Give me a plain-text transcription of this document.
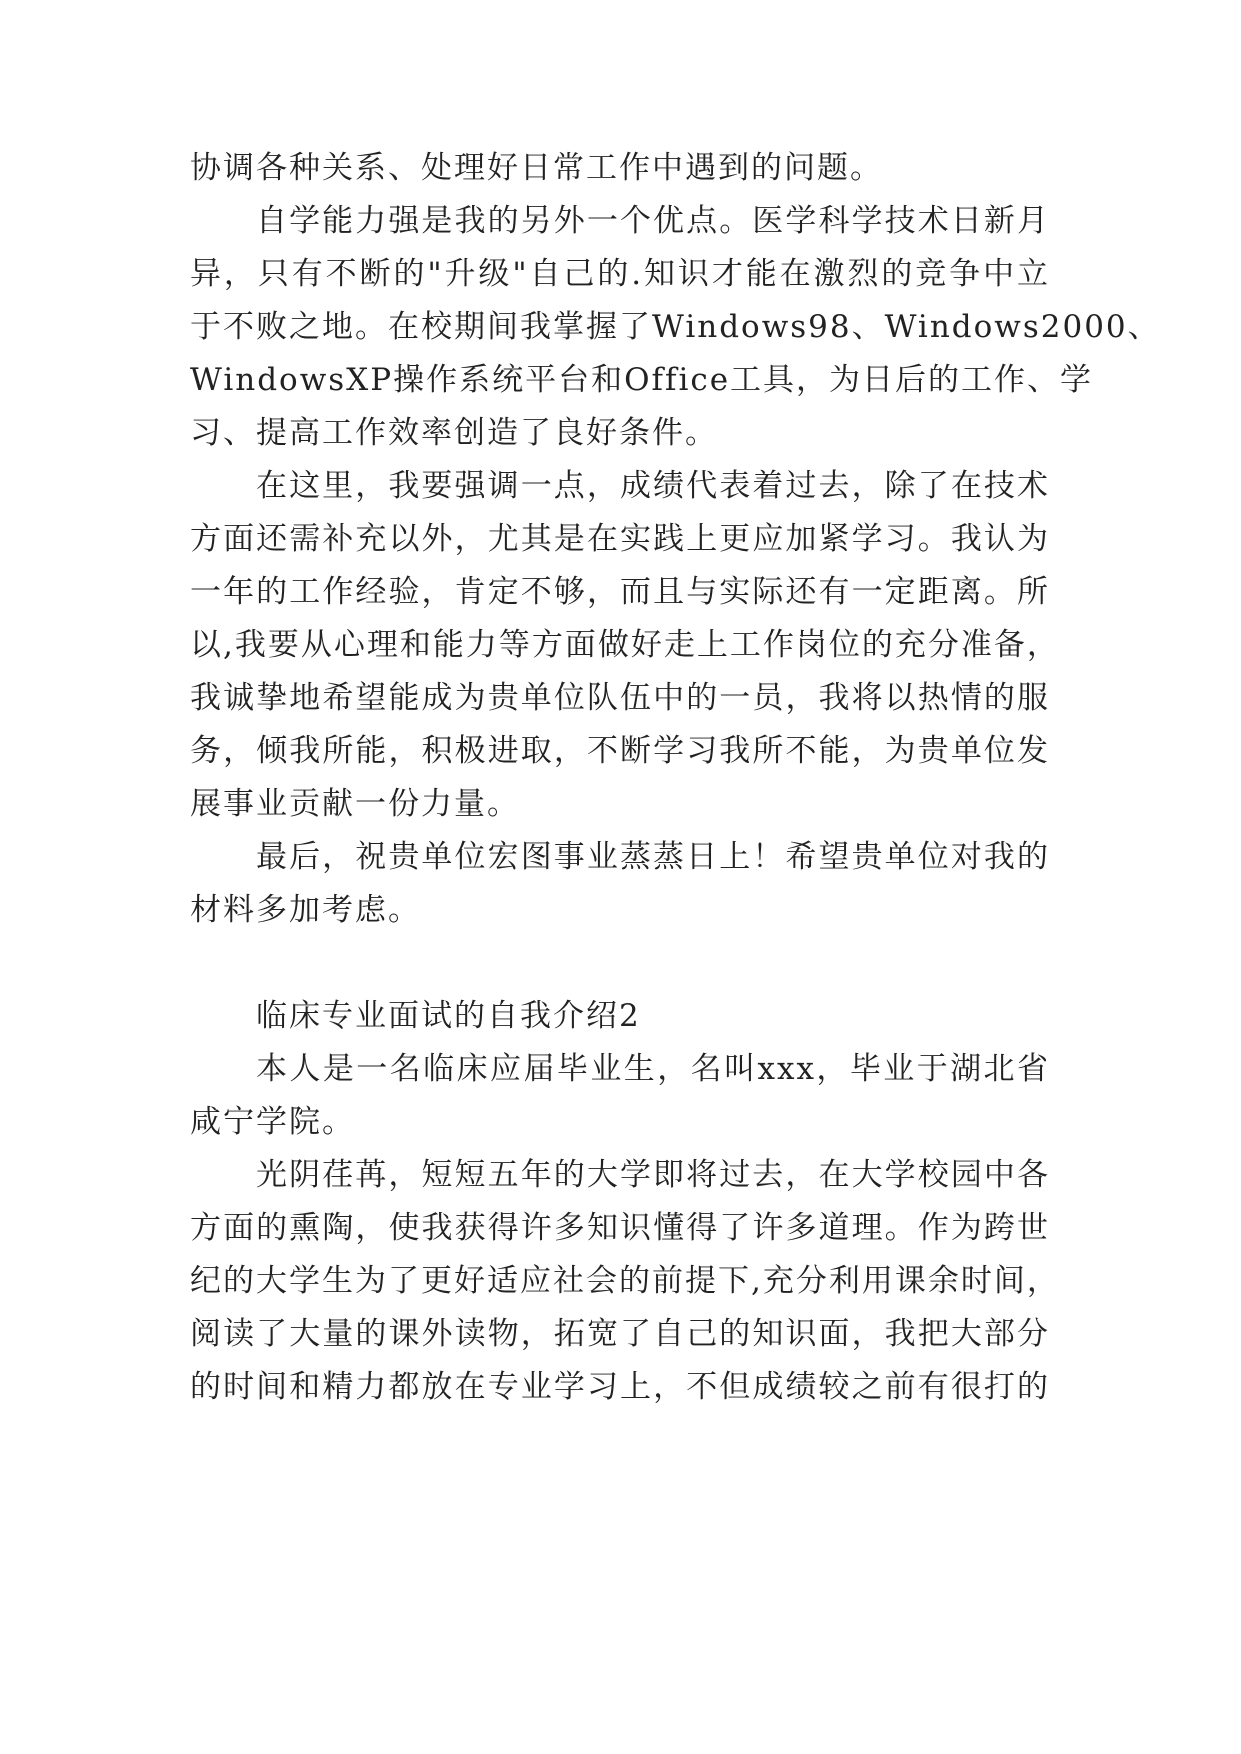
协调各种关系、处理好日常工作中遇到的问题。
自学能力强是我的另外一个优点。医学科学技术日新月
异，只有不断的"升级"自己的.知识才能在激烈的竞争中立
于不败之地。在校期间我掌握了Windows98、Windows2000、
WindowsXP操作系统平台和Office工具，为日后的工作、学
习、提高工作效率创造了良好条件。
在这里，我要强调一点，成绩代表着过去，除了在技术
方面还需补充以外，尤其是在实践上更应加紧学习。我认为
一年的工作经验，肯定不够，而且与实际还有一定距离。所
以,我要从心理和能力等方面做好走上工作岗位的充分准备，
我诚挚地希望能成为贵单位队伍中的一员，我将以热情的服
务，倾我所能，积极进取，不断学习我所不能，为贵单位发
展事业贡献一份力量。
最后，祝贵单位宏图事业蒸蒸日上！希望贵单位对我的
材料多加考虑。
临床专业面试的自我介绍2
本人是一名临床应届毕业生，名叫xxx，毕业于湖北省
咸宁学院。
光阴荏苒，短短五年的大学即将过去，在大学校园中各
方面的熏陶，使我获得许多知识懂得了许多道理。作为跨世
纪的大学生为了更好适应社会的前提下,充分利用课余时间，
阅读了大量的课外读物，拓宽了自己的知识面，我把大部分
的时间和精力都放在专业学习上，不但成绩较之前有很打的
